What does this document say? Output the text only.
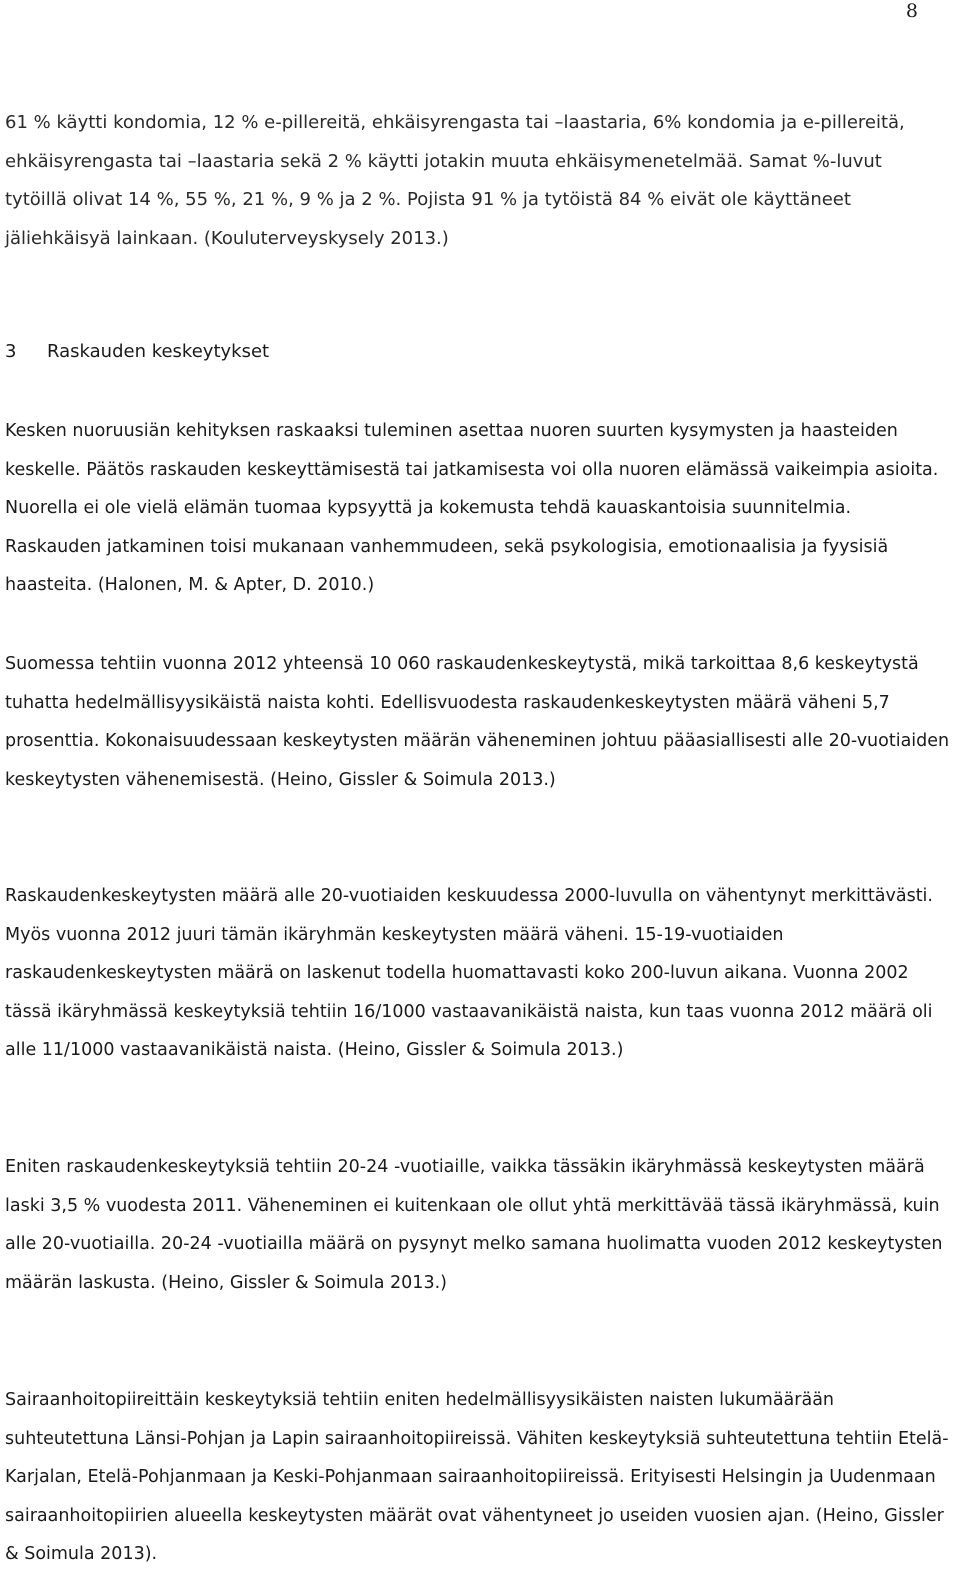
8

61 % käytti kondomia, 12 % e-pillereitä, ehkäisyrengasta tai –laastaria, 6% kondomia ja e-pillereitä, ehkäisyrengasta tai –laastaria sekä 2 % käytti jotakin muuta ehkäisymenetelmää. Samat %-luvut tytöillä olivat 14 %, 55 %, 21 %, 9 % ja 2 %. Pojista 91 % ja tytöistä 84 % eivät ole käyttäneet jäliehkäisyä lainkaan. (Kouluterveyskysely 2013.)

3 Raskauden keskeytykset

Kesken nuoruusiän kehityksen raskaaksi tuleminen asettaa nuoren suurten kysymysten ja haasteiden keskelle. Päätös raskauden keskeyttämisestä tai jatkamisesta voi olla nuoren elämässä vaikeimpia asioita. Nuorella ei ole vielä elämän tuomaa kypsyyttä ja kokemusta tehdä kauaskantoisia suunnitelmia. Raskauden jatkaminen toisi mukanaan vanhemmudeen, sekä psykologisia, emotionaalisia ja fyysisiä haasteita. (Halonen, M. & Apter, D. 2010.)

Suomessa tehtiin vuonna 2012 yhteensä 10 060 raskaudenkeskeytystä, mikä tarkoittaa 8,6 keskeytystä tuhatta hedelmällisyysikäistä naista kohti. Edellisvuodesta raskaudenkeskeytysten määrä väheni 5,7 prosenttia. Kokonaisuudessaan keskeytysten määrän väheneminen johtuu pääasiallisesti alle 20-vuotiaiden keskeytysten vähenemisestä. (Heino, Gissler & Soimula 2013.)

Raskaudenkeskeytysten määrä alle 20-vuotiaiden keskuudessa 2000-luvulla on vähentynyt merkittävästi. Myös vuonna 2012 juuri tämän ikäryhmän keskeytysten määrä väheni. 15-19-vuotiaiden raskaudenkeskeytysten määrä on laskenut todella huomattavasti koko 200-luvun aikana. Vuonna 2002 tässä ikäryhmässä keskeytyksiä tehtiin 16/1000 vastaavanikäistä naista, kun taas vuonna 2012 määrä oli alle 11/1000 vastaavanikäistä naista. (Heino, Gissler & Soimula 2013.)

Eniten raskaudenkeskeytyksiä tehtiin 20-24 -vuotiaille, vaikka tässäkin ikäryhmässä keskeytysten määrä laski 3,5 % vuodesta 2011. Väheneminen ei kuitenkaan ole ollut yhtä merkittävää tässä ikäryhmässä, kuin alle 20-vuotiailla. 20-24 -vuotiailla määrä on pysynyt melko samana huolimatta vuoden 2012 keskeytysten määrän laskusta. (Heino, Gissler & Soimula 2013.)

Sairaanhoitopiireittäin keskeytyksiä tehtiin eniten hedelmällisyysikäisten naisten lukumäärään suhteutettuna Länsi-Pohjan ja Lapin sairaanhoitopiireissä. Vähiten keskeytyksiä suhteutettuna tehtiin Etelä-Karjalan, Etelä-Pohjanmaan ja Keski-Pohjanmaan sairaanhoitopiireissä. Erityisesti Helsingin ja Uudenmaan sairaanhoitopiirien alueella keskeytysten määrät ovat vähentyneet jo useiden vuosien ajan. (Heino, Gissler & Soimula 2013).
